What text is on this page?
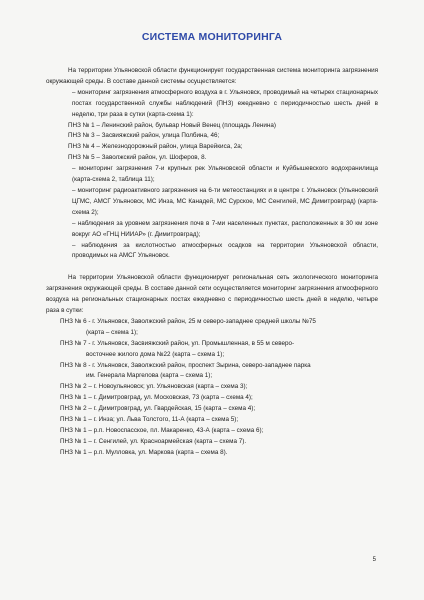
СИСТЕМА МОНИТОРИНГА

На территории Ульяновской области функционирует государственная система мониторинга загрязнения окружающей среды. В составе данной системы осуществляется:

– мониторинг загрязнения атмосферного воздуха в г. Ульяновск, проводимый на четырех стационарных постах государственной службы наблюдений (ПНЗ) ежедневно с периодичностью шесть дней в неделю, три раза в сутки (карта-схема 1):

ПНЗ № 1 – Ленинский район, бульвар Новый Венец (площадь Ленина)

ПНЗ № 3 – Засвияжский район, улица Полбина, 46;

ПНЗ № 4 – Железнодорожный район, улица Варейкиса, 2а;

ПНЗ № 5 – Заволжский район, ул. Шоферов, 8.

– мониторинг загрязнения 7-и крупных рек Ульяновской области и Куйбышевского водохранилища (карта-схема 2, таблица 11);

– мониторинг радиоактивного загрязнения на 6-ти метеостанциях и в центре г. Ульяновск (Ульяновский ЦГМС, АМСГ Ульяновск, МС Инза, МС Канадей, МС Сурское, МС Сенгилей, МС Димитровград) (карта-схема 2);

– наблюдения за уровнем загрязнения почв в 7-ми населенных пунктах, расположенных в 30 км зоне вокруг АО «ГНЦ НИИАР» (г. Димитровград);

– наблюдения за кислотностью атмосферных осадков на территории Ульяновской области, проводимых на АМСГ Ульяновск.

На территории Ульяновской области функционирует региональная сеть экологического мониторинга загрязнения окружающей среды. В составе данной сети осуществляется мониторинг загрязнения атмосферного воздуха на региональных стационарных постах ежедневно с периодичностью шесть дней в неделю, четыре раза в сутки:

ПНЗ № 6 - г. Ульяновск, Заволжский район, 25 м северо-западнее средней школы №75

(карта – схема 1);

ПНЗ № 7 - г. Ульяновск, Засвияжский район, ул. Промышленная, в 55 м северо-

восточнее жилого дома №22 (карта – схема 1);

ПНЗ № 8 - г. Ульяновск, Заволжский район, проспект Зырина, северо-западнее парка

им. Генерала Маргелова (карта – схема 1);

ПНЗ № 2 – г. Новоульяновск; ул. Ульяновская (карта – схема 3);

ПНЗ № 1 – г. Димитровград, ул. Московская, 73 (карта – схема 4);

ПНЗ № 2 – г. Димитровград, ул. Гвардейская, 15 (карта – схема 4);

ПНЗ № 1 – г. Инза; ул. Льва Толстого, 11-А (карта – схема 5);

ПНЗ № 1 – р.п. Новоспасское, пл. Макаренко, 43-А (карта – схема 6);

ПНЗ № 1 – г. Сенгилей, ул. Красноармейская (карта – схема 7).

ПНЗ № 1 – р.п. Мулловка, ул. Маркова (карта – схема 8).

5
